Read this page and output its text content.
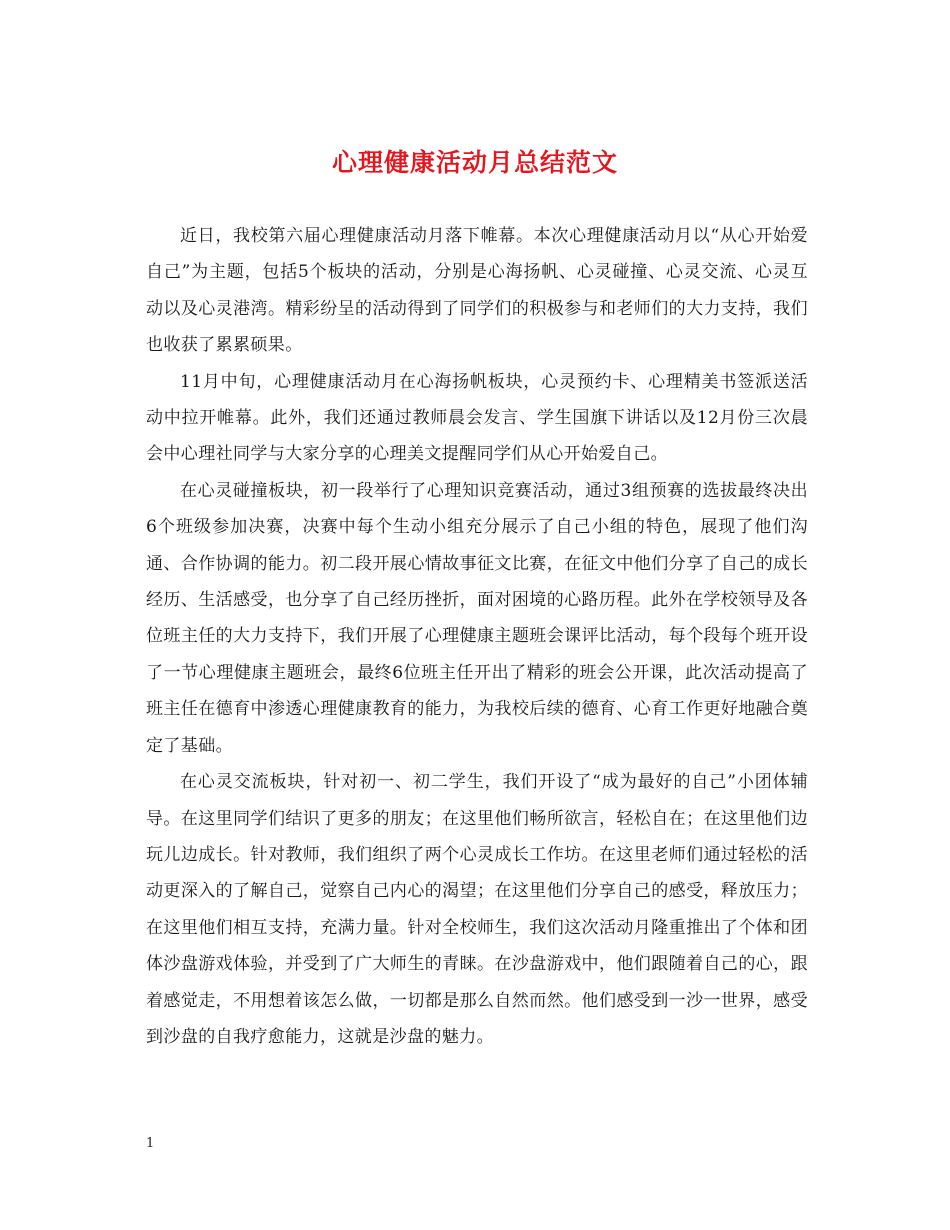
心理健康活动月总结范文

近日，我校第六届心理健康活动月落下帷幕。本次心理健康活动月以“从心开始爱自己”为主题，包括5个板块的活动，分别是心海扬帆、心灵碰撞、心灵交流、心灵互动以及心灵港湾。精彩纷呈的活动得到了同学们的积极参与和老师们的大力支持，我们也收获了累累硕果。

11月中旬，心理健康活动月在心海扬帆板块，心灵预约卡、心理精美书签派送活动中拉开帷幕。此外，我们还通过教师晨会发言、学生国旗下讲话以及12月份三次晨会中心理社同学与大家分享的心理美文提醒同学们从心开始爱自己。

在心灵碰撞板块，初一段举行了心理知识竞赛活动，通过3组预赛的选拔最终决出6个班级参加决赛，决赛中每个生动小组充分展示了自己小组的特色，展现了他们沟通、合作协调的能力。初二段开展心情故事征文比赛，在征文中他们分享了自己的成长经历、生活感受，也分享了自己经历挫折，面对困境的心路历程。此外在学校领导及各位班主任的大力支持下，我们开展了心理健康主题班会课评比活动，每个段每个班开设了一节心理健康主题班会，最终6位班主任开出了精彩的班会公开课，此次活动提高了班主任在德育中渗透心理健康教育的能力，为我校后续的德育、心育工作更好地融合奠定了基础。

在心灵交流板块，针对初一、初二学生，我们开设了“成为最好的自己”小团体辅导。在这里同学们结识了更多的朋友；在这里他们畅所欲言，轻松自在；在这里他们边玩儿边成长。针对教师，我们组织了两个心灵成长工作坊。在这里老师们通过轻松的活动更深入的了解自己，觉察自己内心的渴望；在这里他们分享自己的感受，释放压力；在这里他们相互支持，充满力量。针对全校师生，我们这次活动月隆重推出了个体和团体沙盘游戏体验，并受到了广大师生的青睐。在沙盘游戏中，他们跟随着自己的心，跟着感觉走，不用想着该怎么做，一切都是那么自然而然。他们感受到一沙一世界，感受到沙盘的自我疗愈能力，这就是沙盘的魅力。

1
